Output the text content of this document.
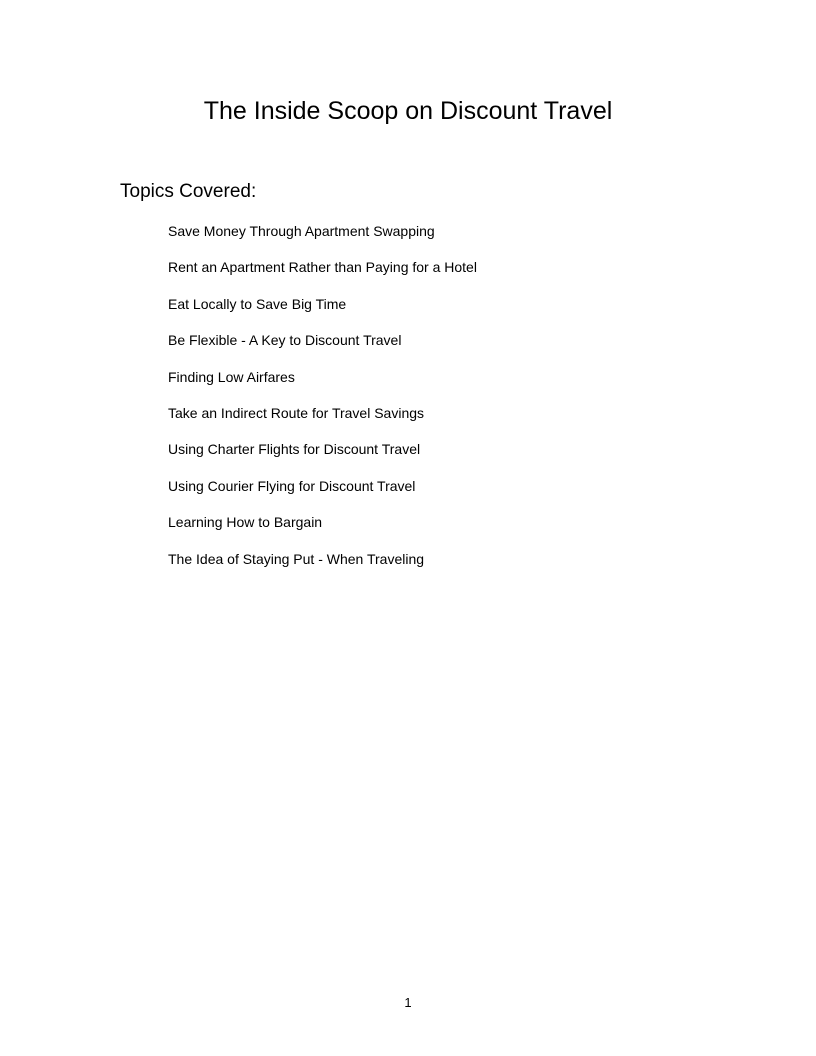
The Inside Scoop on Discount Travel
Topics Covered:
Save Money Through Apartment Swapping
Rent an Apartment Rather than Paying for a Hotel
Eat Locally to Save Big Time
Be Flexible - A Key to Discount Travel
Finding Low Airfares
Take an Indirect Route for Travel Savings
Using Charter Flights for Discount Travel
Using Courier Flying for Discount Travel
Learning How to Bargain
The Idea of Staying Put - When Traveling
1
